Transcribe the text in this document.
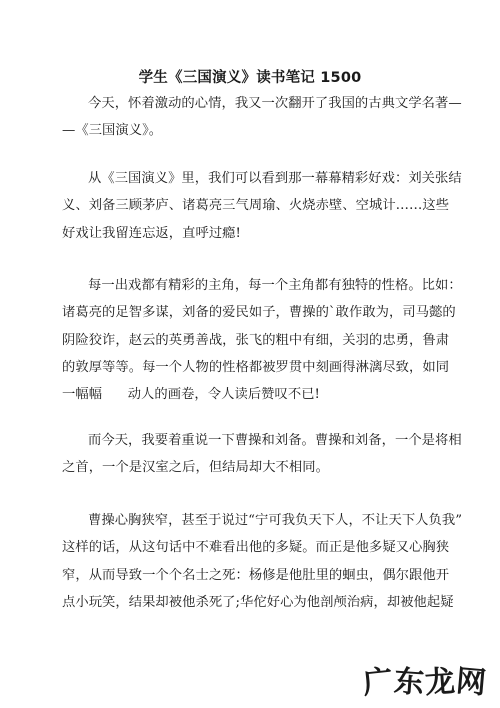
学生《三国演义》读书笔记 1500
今天，怀着激动的心情，我又一次翻开了我国的古典文学名著—
—《三国演义》。
从《三国演义》里，我们可以看到那一幕幕精彩好戏：刘关张结
义、刘备三顾茅庐、诸葛亮三气周瑜、火烧赤壁、空城计……这些
好戏让我留连忘返，直呼过瘾!
每一出戏都有精彩的主角，每一个主角都有独特的性格。比如：
诸葛亮的足智多谋，刘备的爱民如子，曹操的`敢作敢为，司马懿的
阴险狡诈，赵云的英勇善战，张飞的粗中有细，关羽的忠勇，鲁肃
的敦厚等等。每一个人物的性格都被罗贯中刻画得淋漓尽致，如同
一幅幅      动人的画卷，令人读后赞叹不已!
而今天，我要着重说一下曹操和刘备。曹操和刘备，一个是将相
之首，一个是汉室之后，但结局却大不相同。
曹操心胸狭窄，甚至于说过“宁可我负天下人，不让天下人负我”
这样的话，从这句话中不难看出他的多疑。而正是他多疑又心胸狭
窄，从而导致一个个名士之死：杨修是他肚里的蛔虫，偶尔跟他开
点小玩笑，结果却被他杀死了;华佗好心为他剖颅治病，却被他起疑
广
东
龙
网
